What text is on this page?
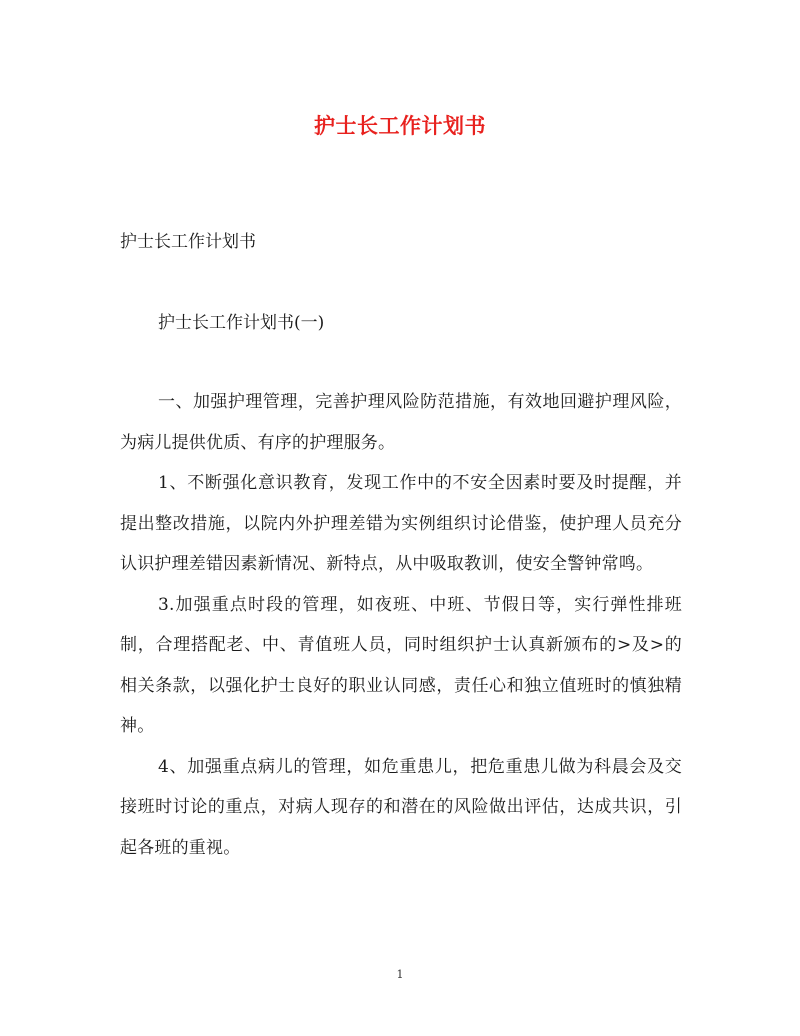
护士长工作计划书
护士长工作计划书
护士长工作计划书(一)

一、加强护理管理，完善护理风险防范措施，有效地回避护理风险，为病儿提供优质、有序的护理服务。

1、不断强化意识教育，发现工作中的不安全因素时要及时提醒，并提出整改措施，以院内外护理差错为实例组织讨论借鉴，使护理人员充分认识护理差错因素新情况、新特点，从中吸取教训，使安全警钟常鸣。

3.加强重点时段的管理，如夜班、中班、节假日等，实行弹性排班制，合理搭配老、中、青值班人员，同时组织护士认真新颁布的>及>的相关条款，以强化护士良好的职业认同感，责任心和独立值班时的慎独精神。

4、加强重点病儿的管理，如危重患儿，把危重患儿做为科晨会及交接班时讨论的重点，对病人现存的和潜在的风险做出评估，达成共识，引起各班的重视。

1
